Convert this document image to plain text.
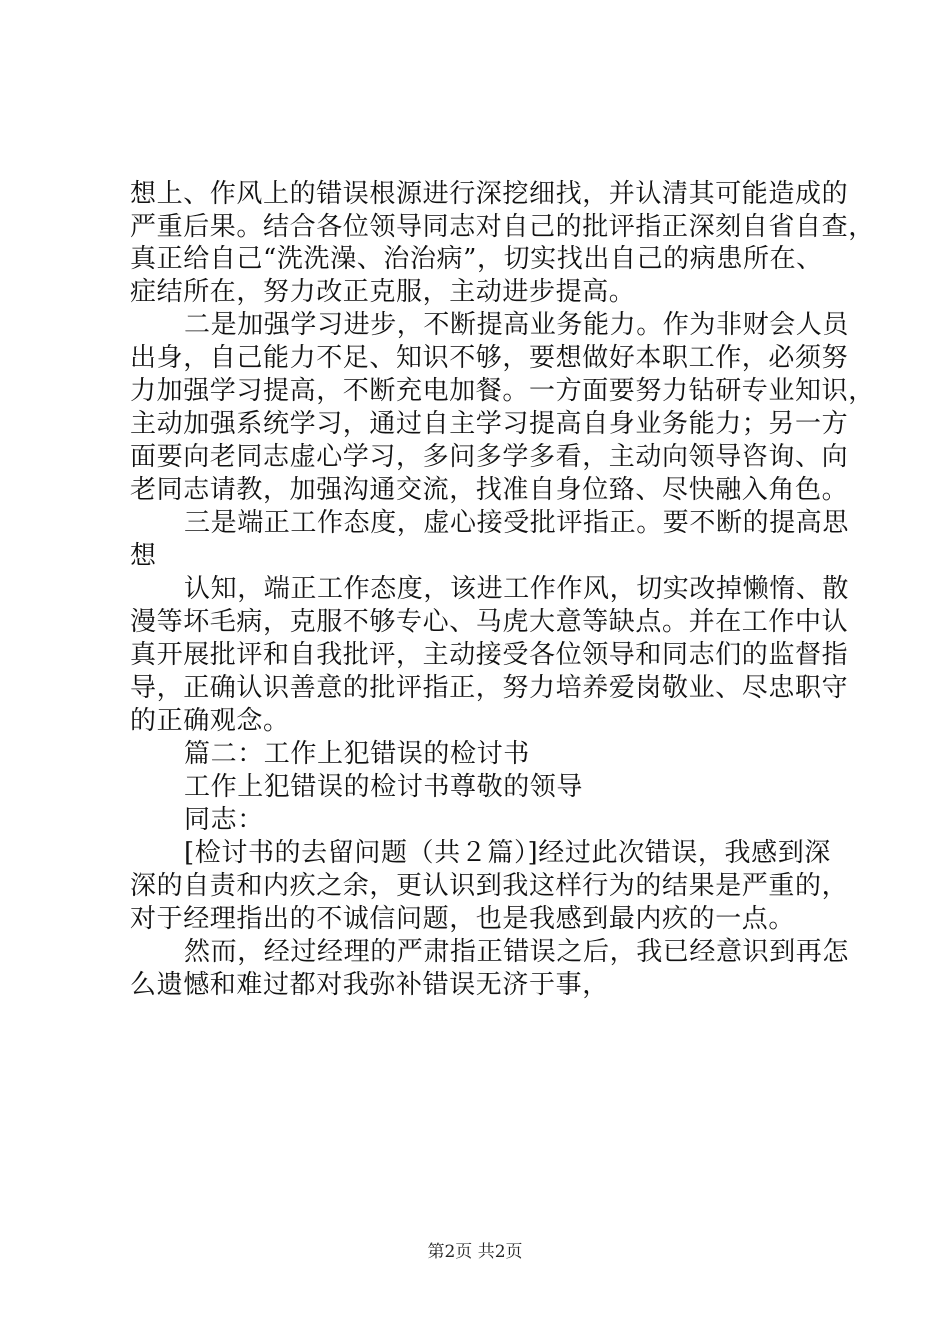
想上、作风上的错误根源进行深挖细找，并认清其可能造成的
严重后果。结合各位领导同志对自己的批评指正深刻自省自查，
真正给自己“洗洗澡、治治病”，切实找出自己的病患所在、
症结所在，努力改正克服，主动进步提高。
二是加强学习进步，不断提高业务能力。作为非财会人员
出身，自己能力不足、知识不够，要想做好本职工作，必须努
力加强学习提高，不断充电加餐。一方面要努力钻研专业知识，
主动加强系统学习，通过自主学习提高自身业务能力；另一方
面要向老同志虚心学习，多问多学多看，主动向领导咨询、向
老同志请教，加强沟通交流，找准自身位臵、尽快融入角色。
三是端正工作态度，虚心接受批评指正。要不断的提高思
想
认知，端正工作态度，该进工作作风，切实改掉懒惰、散
漫等坏毛病，克服不够专心、马虎大意等缺点。并在工作中认
真开展批评和自我批评，主动接受各位领导和同志们的监督指
导，正确认识善意的批评指正，努力培养爱岗敬业、尽忠职守
的正确观念。
篇二：工作上犯错误的检讨书
工作上犯错误的检讨书尊敬的领导
同志：
[检讨书的去留问题（共２篇）]经过此次错误，我感到深
深的自责和内疚之余，更认识到我这样行为的结果是严重的，
对于经理指出的不诚信问题，也是我感到最内疚的一点。
然而，经过经理的严肃指正错误之后，我已经意识到再怎
么遗憾和难过都对我弥补错误无济于事，
第2页 共2页
